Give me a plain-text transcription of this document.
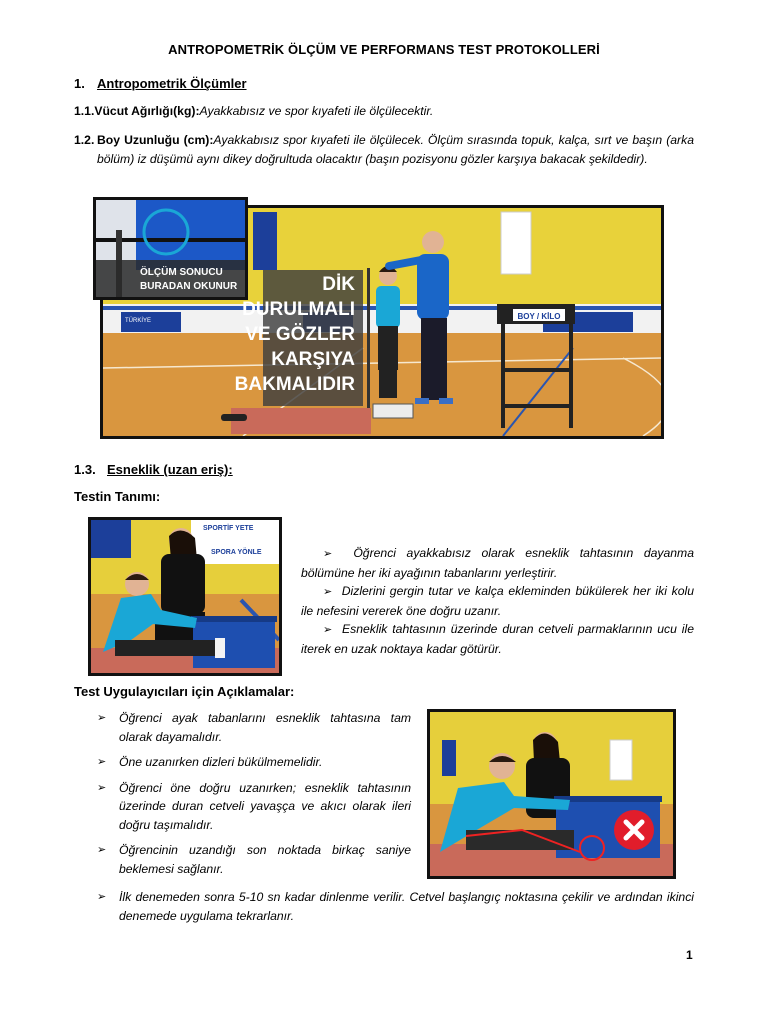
ANTROPOMETRİK ÖLÇÜM VE PERFORMANS TEST PROTOKOLLERİ
1. Antropometrik Ölçümler
1.1.Vücut Ağırlığı(kg):Ayakkabısız ve spor kıyafeti ile ölçülecektir.
1.2. Boy Uzunluğu (cm):Ayakkabısız spor kıyafeti ile ölçülecek. Ölçüm sırasında topuk, kalça, sırt ve başın (arka bölüm) iz düşümü aynı dikey doğrultuda olacaktır (başın pozisyonu gözler karşıya bakacak şekildedir).
TÜRKİYE	BOY / KİLO
DİK
DURULMALI
VE GÖZLER
KARŞIYA
BAKMALIDIR
ÖLÇÜM SONUCU
BURADAN OKUNUR
1.3. Esneklik (uzan eriş):
Testin Tanımı:
SPORTİF YETE
SPORA YÖNLE	➢ Öğrenci ayakkabısız olarak esneklik tahtasının dayanma bölümüne her iki ayağının tabanlarını yerleştirir.
➢ Dizlerini gergin tutar ve kalça ekleminden bükülerek her iki kolu ile nefesini vererek öne doğru uzanır.
➢ Esneklik tahtasının üzerinde duran cetveli parmaklarının ucu ile iterek en uzak noktaya kadar götürür.
Test Uygulayıcıları için Açıklamalar:
➢ Öğrenci ayak tabanlarını esneklik tahtasına tam olarak dayamalıdır.
➢ Öne uzanırken dizleri bükülmemelidir.
➢ Öğrenci öne doğru uzanırken; esneklik tahtasının üzerinde duran cetveli yavaşça ve akıcı olarak ileri doğru taşımalıdır.
➢ Öğrencinin uzandığı son noktada birkaç saniye beklemesi sağlanır.
➢ İlk denemeden sonra 5-10 sn kadar dinlenme verilir. Cetvel başlangıç noktasına çekilir ve ardından ikinci denemede uygulama tekrarlanır.
1
